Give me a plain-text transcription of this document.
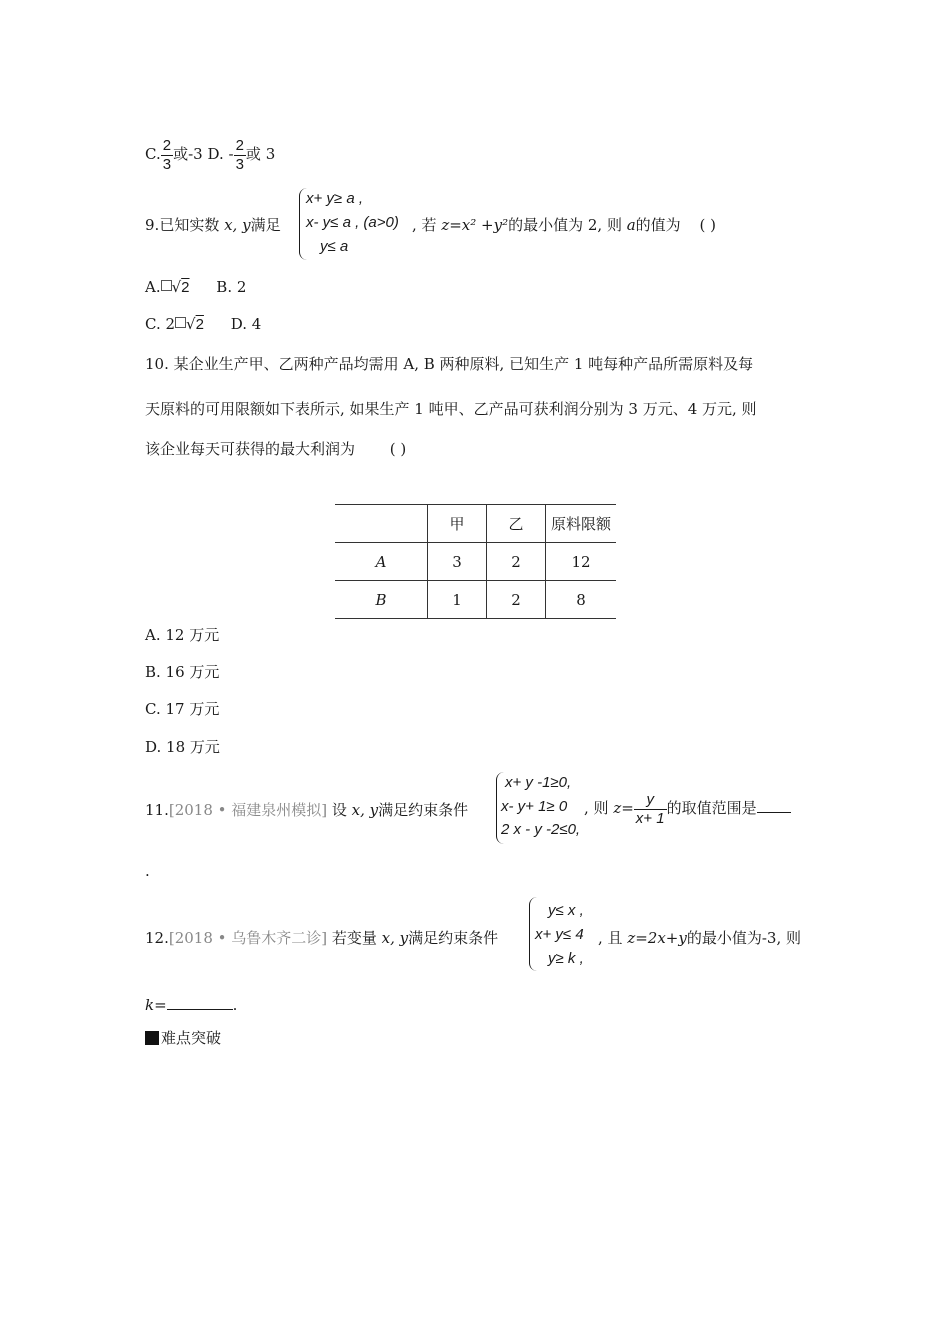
C. $\frac{2}{3}$ 或-3 D. - $\frac{2}{3}$ 或 3
9.已知实数 x, y满足
x+ y≥ a ,
x- y≤ a , (a>0)
y≤ a
, 若 z=x² +y²的最小值为 2, 则 a的值为 ( )
A. √2 B. 2
C. 2 √2 D. 4
10. 某企业生产甲、乙两种产品均需用 A, B 两种原料, 已知生产 1 吨每种产品所需原料及每
天原料的可用限额如下表所示, 如果生产 1 吨甲、乙产品可获利润分别为 3 万元、4 万元, 则
该企业每天可获得的最大利润为 ( )
	甲	乙	原料限额
A	3	2	12
B	1	2	8
A. 12 万元
B. 16 万元
C. 17 万元
D. 18 万元
11.[2018 • 福建泉州模拟] 设 x, y满足约束条件
x+ y -1≥0,
x- y+ 1≥ 0
2 x - y -2≤0,
, 则 $z= \frac{y}{x+ 1}$ 的取值范围是
.
12.[2018 • 乌鲁木齐二诊] 若变量 x, y满足约束条件
y≤ x ,
x+ y≤ 4
y≥ k ,
, 且 z=2x+y的最小值为-3, 则
k=	.
难点突破
